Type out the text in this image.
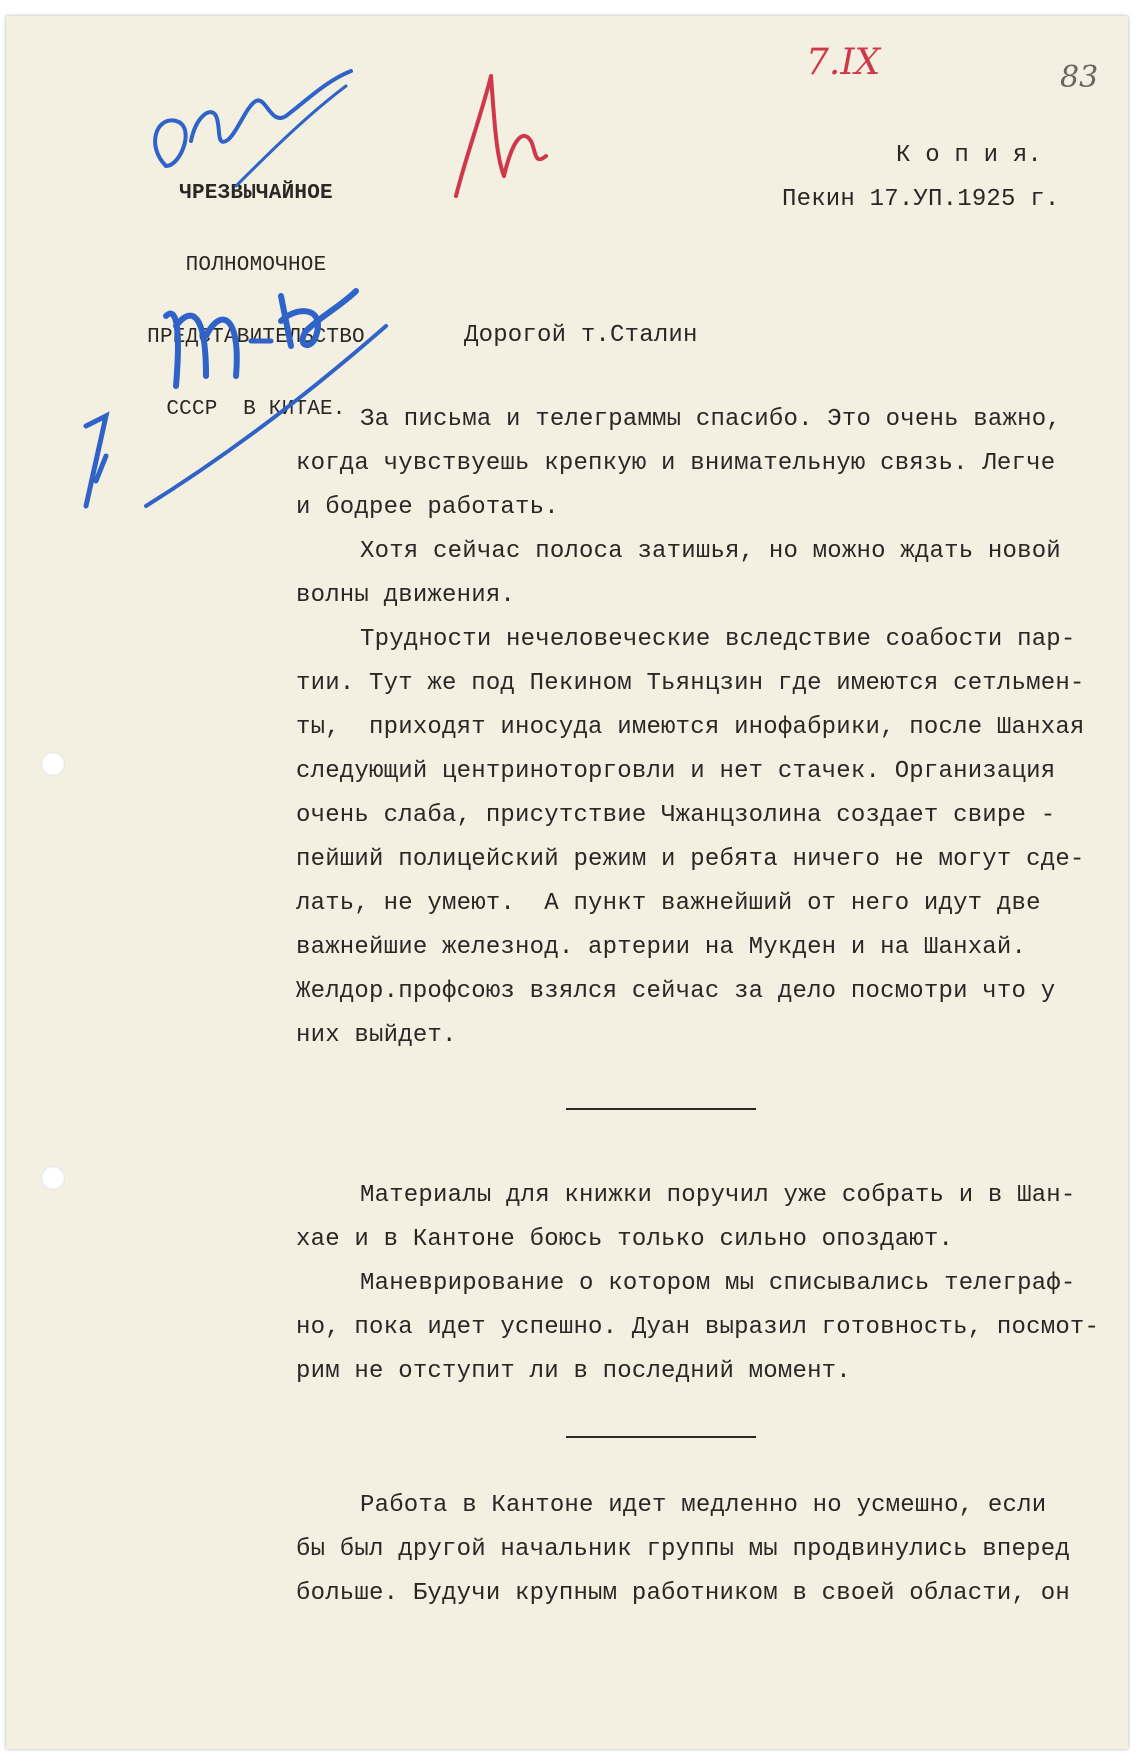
ЧРЕЗВЫЧАЙНОЕ

ПОЛНОМОЧНОЕ

ПРЕДСТАВИТЕЛЬСТВО

СССР  В КИТАЕ.

К о п и я.
Пекин 17.УП.1925 г.
Дорогой т.Сталин

За письма и телеграммы спасибо. Это очень важно,

когда чувствуешь крепкую и внимательную связь. Легче

и бодрее работать.

Хотя сейчас полоса затишья, но можно ждать новой

волны движения.

Трудности нечеловеческие вследствие соабости пар-

тии. Тут же под Пекином Тьянцзин где имеются сетльмен-

ты,  приходят иносуда имеются инофабрики, после Шанхая

следующий центриноторговли и нет стачек. Организация

очень слаба, присутствие Чжанцзолина создает свире -

пейший полицейский режим и ребята ничего не могут сде-

лать, не умеют.  А пункт важнейший от него идут две

важнейшие железнод. артерии на Мукден и на Шанхай.

Желдор.профсоюз взялся сейчас за дело посмотри что у

них выйдет.

Материалы для книжки поручил уже собрать и в Шан-

хае и в Кантоне боюсь только сильно опоздают.

Маневрирование о котором мы списывались телеграф-

но, пока идет успешно. Дуан выразил готовность, посмот-

рим не отступит ли в последний момент.

Работа в Кантоне идет медленно но усмешно, если

бы был другой начальник группы мы продвинулись вперед

больше. Будучи крупным работником в своей области, он

83
7.IX
